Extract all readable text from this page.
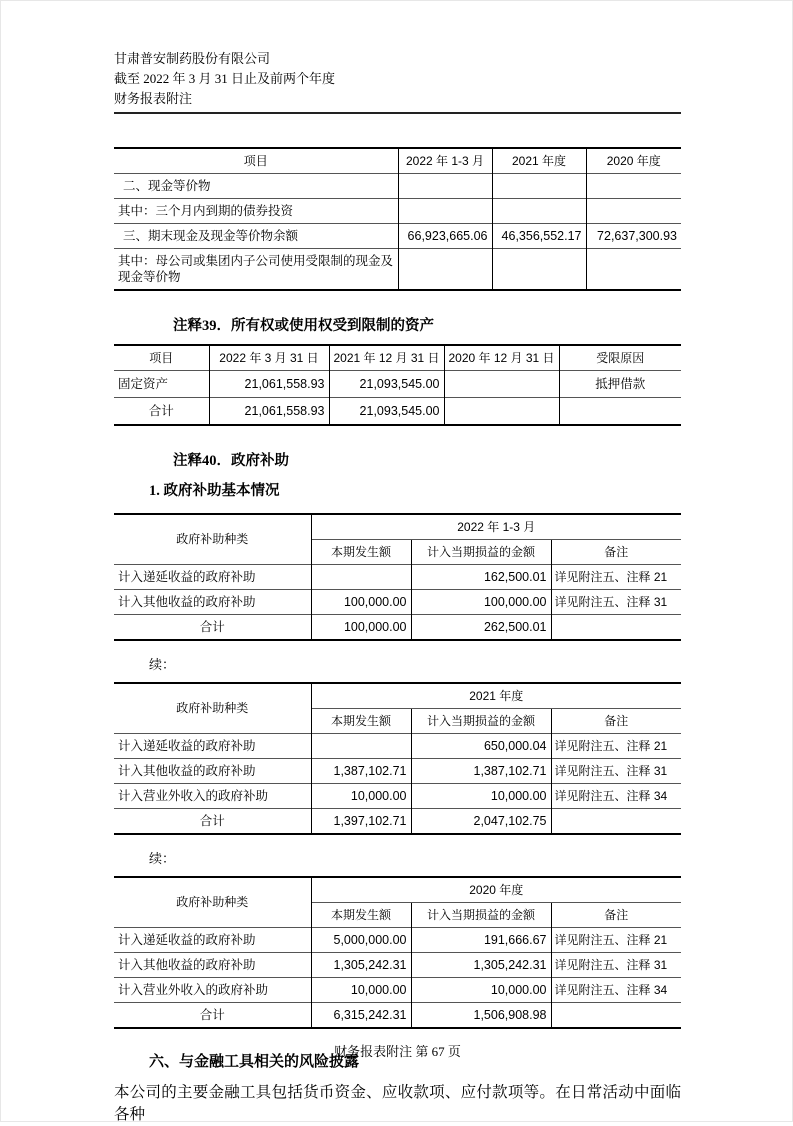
甘肃普安制药股份有限公司
截至 2022 年 3 月 31 日止及前两个年度
财务报表附注
项目	2022 年 1-3 月	2021 年度	2020 年度
二、现金等价物			
其中：三个月内到期的债券投资			
三、期末现金及现金等价物余额	66,923,665.06	46,356,552.17	72,637,300.93
其中：母公司或集团内子公司使用受限制的现金及现金等价物			
注释39．所有权或使用权受到限制的资产
项目	2022 年 3 月 31 日	2021 年 12 月 31 日	2020 年 12 月 31 日	受限原因
固定资产	21,061,558.93	21,093,545.00		抵押借款
合计	21,061,558.93	21,093,545.00		
注释40．政府补助
1. 政府补助基本情况
政府补助种类	2022 年 1-3 月		
	本期发生额	计入当期损益的金额	备注
计入递延收益的政府补助		162,500.01	详见附注五、注释 21
计入其他收益的政府补助	100,000.00	100,000.00	详见附注五、注释 31
合计	100,000.00	262,500.01	
续：
政府补助种类	2021 年度		
	本期发生额	计入当期损益的金额	备注
计入递延收益的政府补助		650,000.04	详见附注五、注释 21
计入其他收益的政府补助	1,387,102.71	1,387,102.71	详见附注五、注释 31
计入营业外收入的政府补助	10,000.00	10,000.00	详见附注五、注释 34
合计	1,397,102.71	2,047,102.75	
续：
政府补助种类	2020 年度		
	本期发生额	计入当期损益的金额	备注
计入递延收益的政府补助	5,000,000.00	191,666.67	详见附注五、注释 21
计入其他收益的政府补助	1,305,242.31	1,305,242.31	详见附注五、注释 31
计入营业外收入的政府补助	10,000.00	10,000.00	详见附注五、注释 34
合计	6,315,242.31	1,506,908.98	
六、与金融工具相关的风险披露
本公司的主要金融工具包括货币资金、应收款项、应付款项等。在日常活动中面临各种
财务报表附注 第 67 页
